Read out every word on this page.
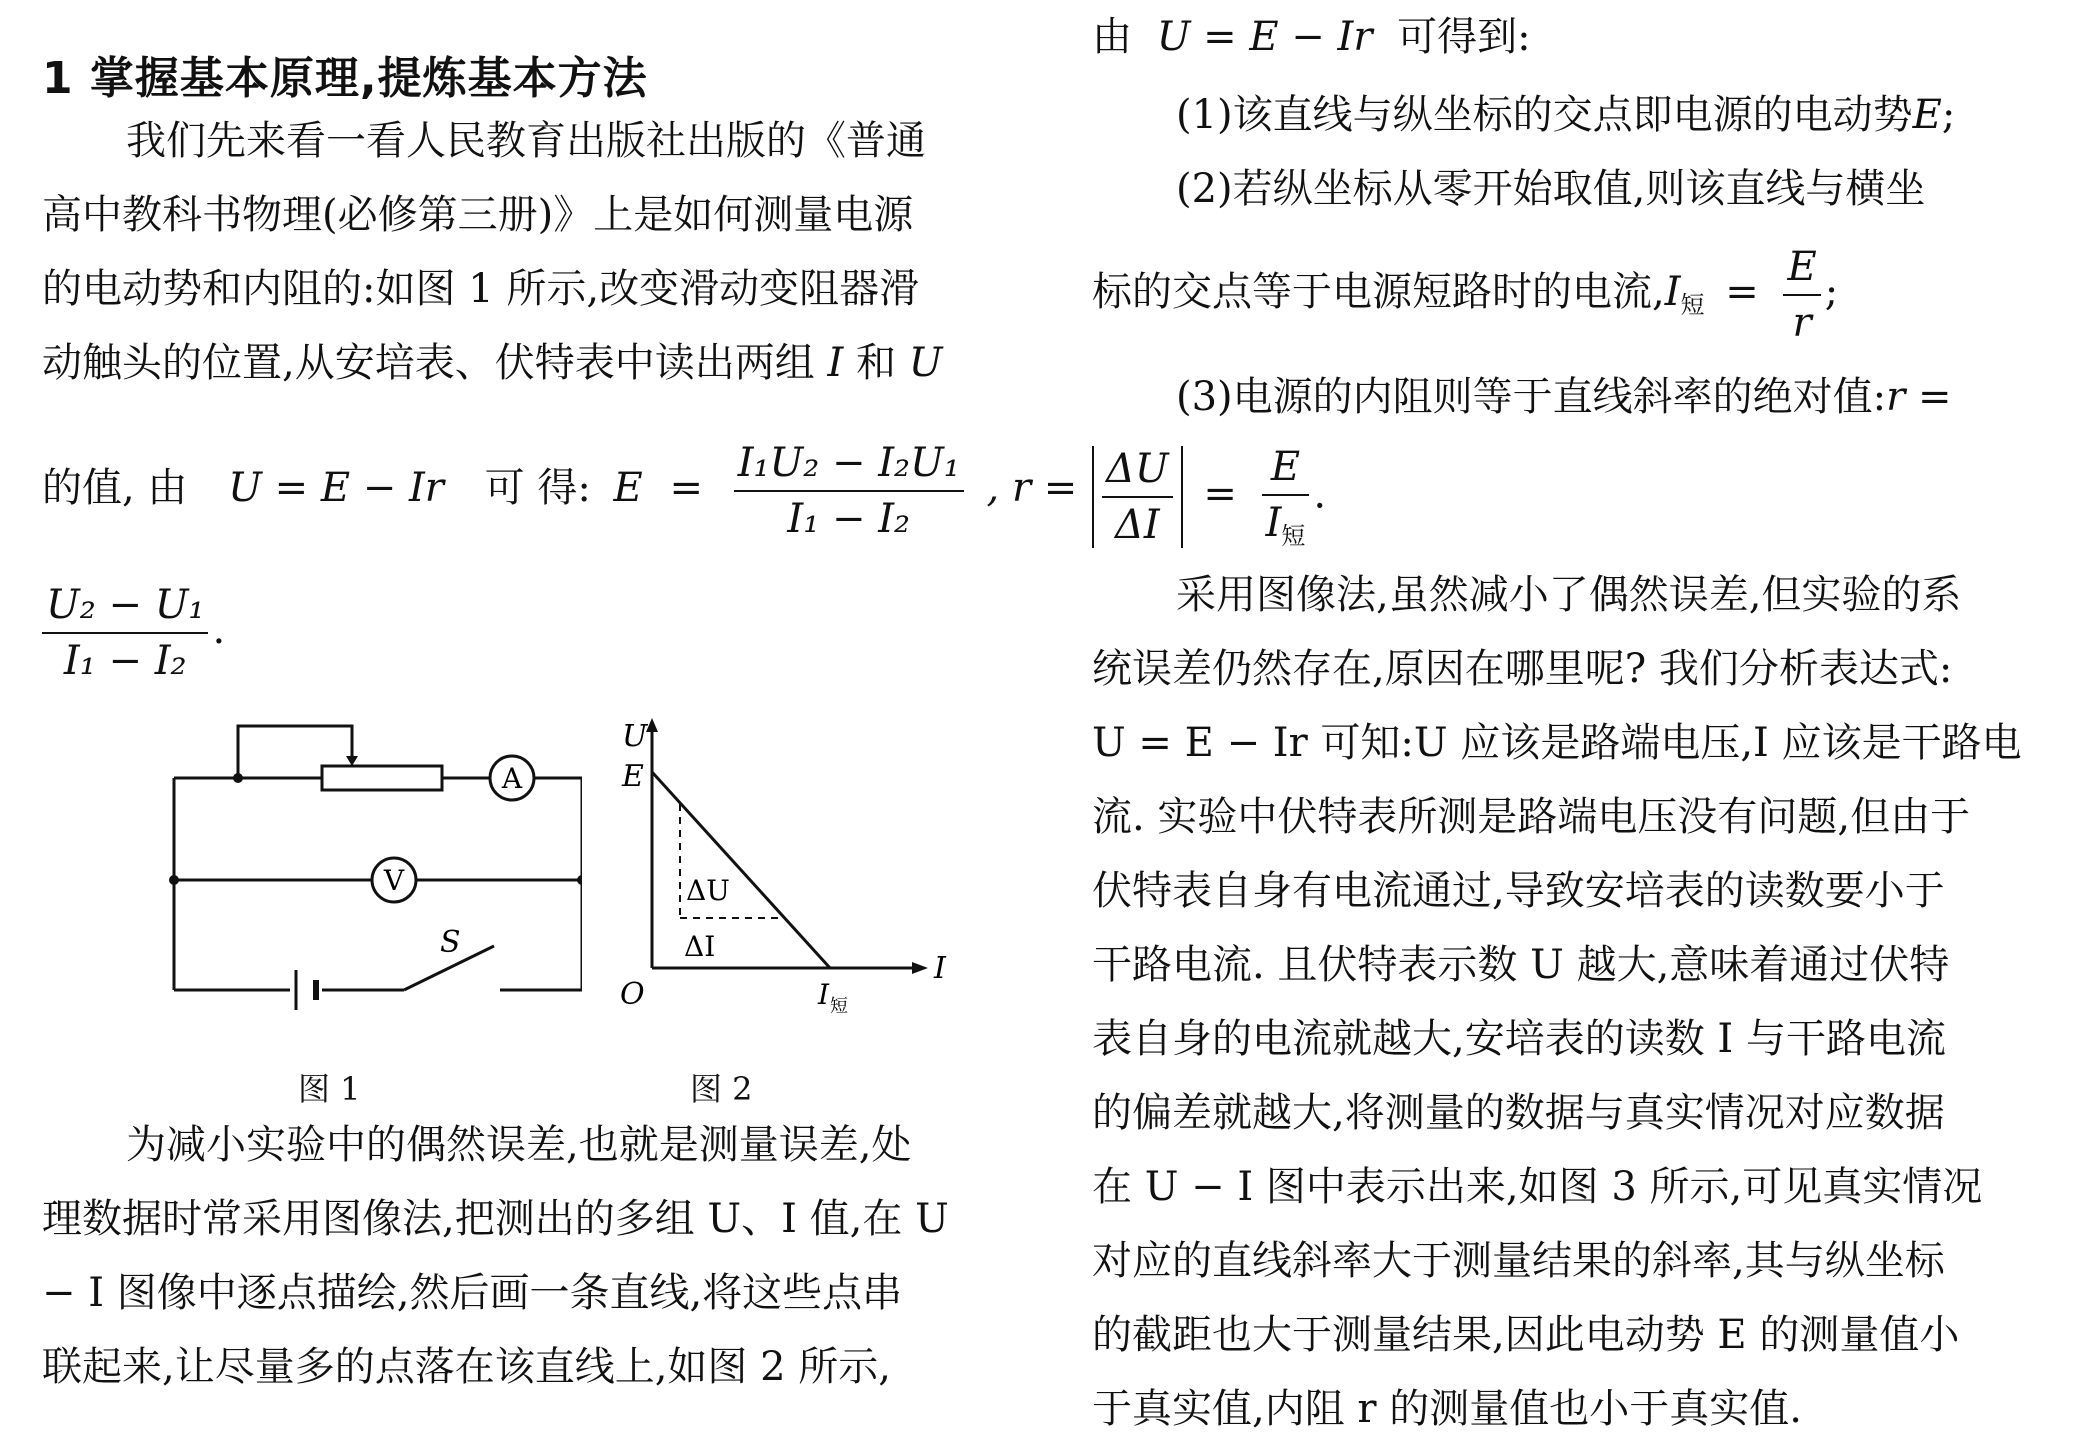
1 掌握基本原理,提炼基本方法

我们先来看一看人民教育出版社出版的《普通

高中教科书物理(必修第三册)》上是如何测量电源

的电动势和内阻的:如图 1 所示,改变滑动变阻器滑

动触头的位置,从安培表、伏特表中读出两组 I 和 U

的值, 由 U = E − Ir 可 得: $E = \frac{\text{I₁U₂ − I₂U₁}}{\text{I₁ − I₂}}$ , r =
$\frac{\text{U₂ − U₁}}{\text{I₁ − I₂}}$ .
A
V
S
图 1
U
I
O
E
ΔU
ΔI
I 短
图 2

为减小实验中的偶然误差,也就是测量误差,处

理数据时常采用图像法,把测出的多组 U、I 值,在 U

− I 图像中逐点描绘,然后画一条直线,将这些点串

联起来,让尽量多的点落在该直线上,如图 2 所示,

由 U = E − Ir 可得到:

(1)该直线与纵坐标的交点即电源的电动势E;

(2)若纵坐标从零开始取值,则该直线与横坐

标的交点等于电源短路时的电流$,I_短 = \frac{E}{r}$ ;

(3)电源的内阻则等于直线斜率的绝对值:r =

$\frac{\Delta U}{\Delta I} = \frac{E}{I_短}$ .

采用图像法,虽然减小了偶然误差,但实验的系

统误差仍然存在,原因在哪里呢? 我们分析表达式:

U = E − Ir 可知:U 应该是路端电压,I 应该是干路电

流. 实验中伏特表所测是路端电压没有问题,但由于

伏特表自身有电流通过,导致安培表的读数要小于

干路电流. 且伏特表示数 U 越大,意味着通过伏特

表自身的电流就越大,安培表的读数 I 与干路电流

的偏差就越大,将测量的数据与真实情况对应数据

在 U − I 图中表示出来,如图 3 所示,可见真实情况

对应的直线斜率大于测量结果的斜率,其与纵坐标

的截距也大于测量结果,因此电动势 E 的测量值小

于真实值,内阻 r 的测量值也小于真实值.
